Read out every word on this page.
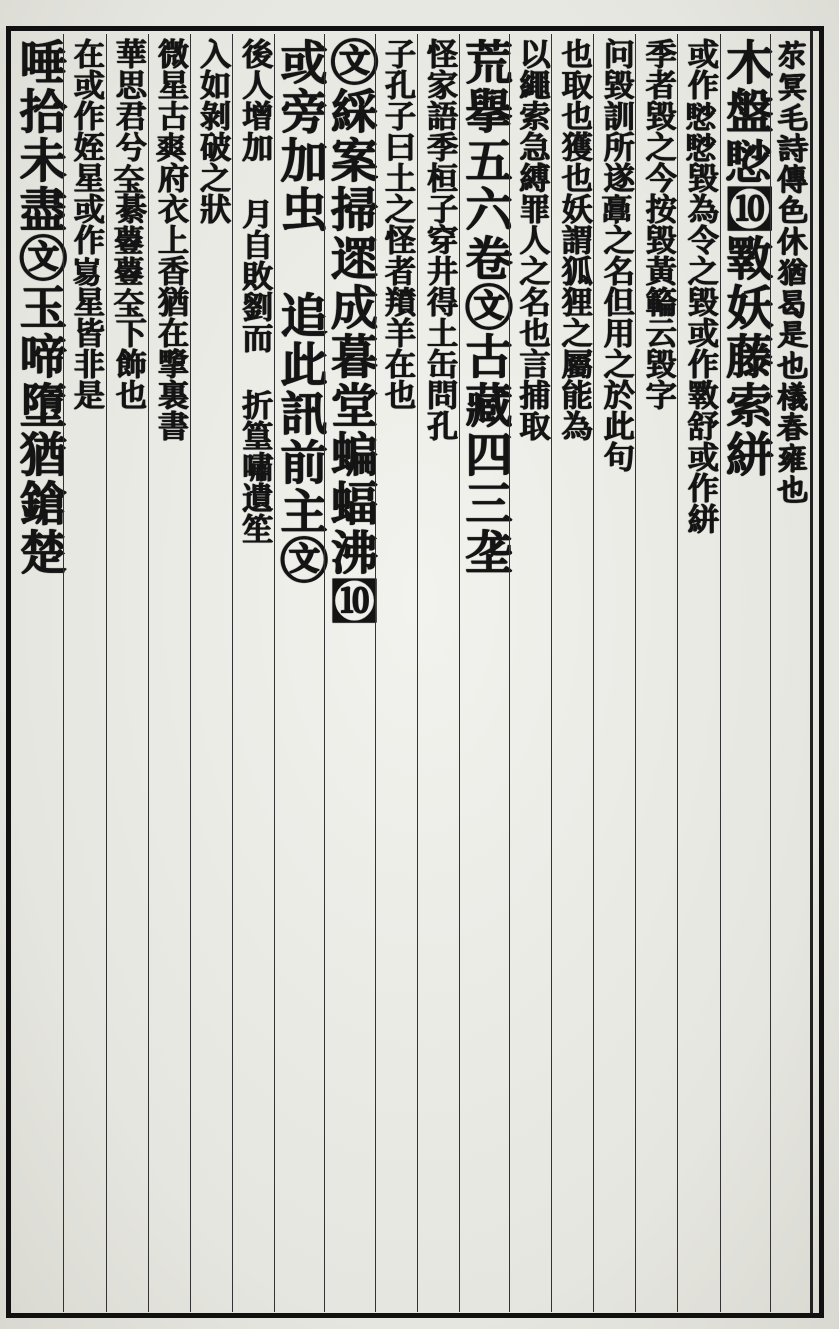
𦬼冥毛詩傳色休猶曷是也檥春雍也
木盤𢡸㉈斁妖藤索絣
或作𢡸𢡸毀為令之毀或作斁舒或作絣
季者毀之今按毀黃𥶡云毀字
问毀訓所遂𩫖之名但用之於此句
也取也獲也妖謂狐狸之屬能為
以繩索急縛罪人之名也言捕取
荒擧五六卷㉆古藏四三垄
怪家語季桓子穿井得土缶問孔
子孔子曰土之怪者羵羊在也
㉆綵案掃遝成暮堂蝙蝠沸㉈
或旁加虫 追此訊前主㉆
後人增加 月自敗劉而 折篁嘯遺笙
入如剝破之狀
微星古𤕤府衣上香猶在㨼裏書
華思君兮𡘇綦𧄼𧄼𡘇下飾也
在或作姪星或作𡸑星皆非是
唾拾未盡㉆玉啼墮猶鎗楚
